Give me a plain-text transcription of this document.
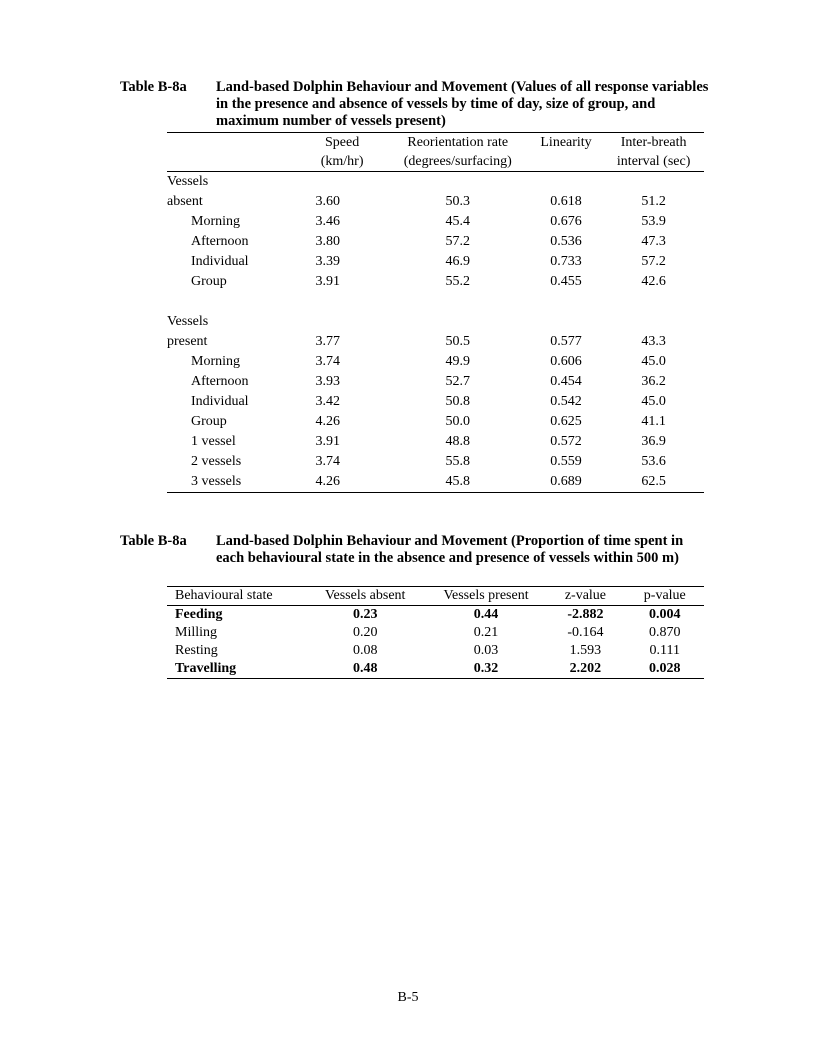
Table B-8a	Land-based Dolphin Behaviour and Movement (Values of all response variables in the presence and absence of vessels by time of day, size of group, and maximum number of vessels present)
	Speed	Reorientation rate	Linearity	Inter-breath
	(km/hr)	(degrees/surfacing)		interval (sec)
Vessels				
absent	3.60	50.3	0.618	51.2
Morning	3.46	45.4	0.676	53.9
Afternoon	3.80	57.2	0.536	47.3
Individual	3.39	46.9	0.733	57.2
Group	3.91	55.2	0.455	42.6

Vessels				
present	3.77	50.5	0.577	43.3
Morning	3.74	49.9	0.606	45.0
Afternoon	3.93	52.7	0.454	36.2
Individual	3.42	50.8	0.542	45.0
Group	4.26	50.0	0.625	41.1
1 vessel	3.91	48.8	0.572	36.9
2 vessels	3.74	55.8	0.559	53.6
3 vessels	4.26	45.8	0.689	62.5
Table B-8a	Land-based Dolphin Behaviour and Movement (Proportion of time spent in each behavioural state in the absence and presence of vessels within 500 m)
Behavioural state	Vessels absent	Vessels present	z-value	p-value
Feeding	0.23	0.44	-2.882	0.004
Milling	0.20	0.21	-0.164	0.870
Resting	0.08	0.03	1.593	0.111
Travelling	0.48	0.32	2.202	0.028
B-5
